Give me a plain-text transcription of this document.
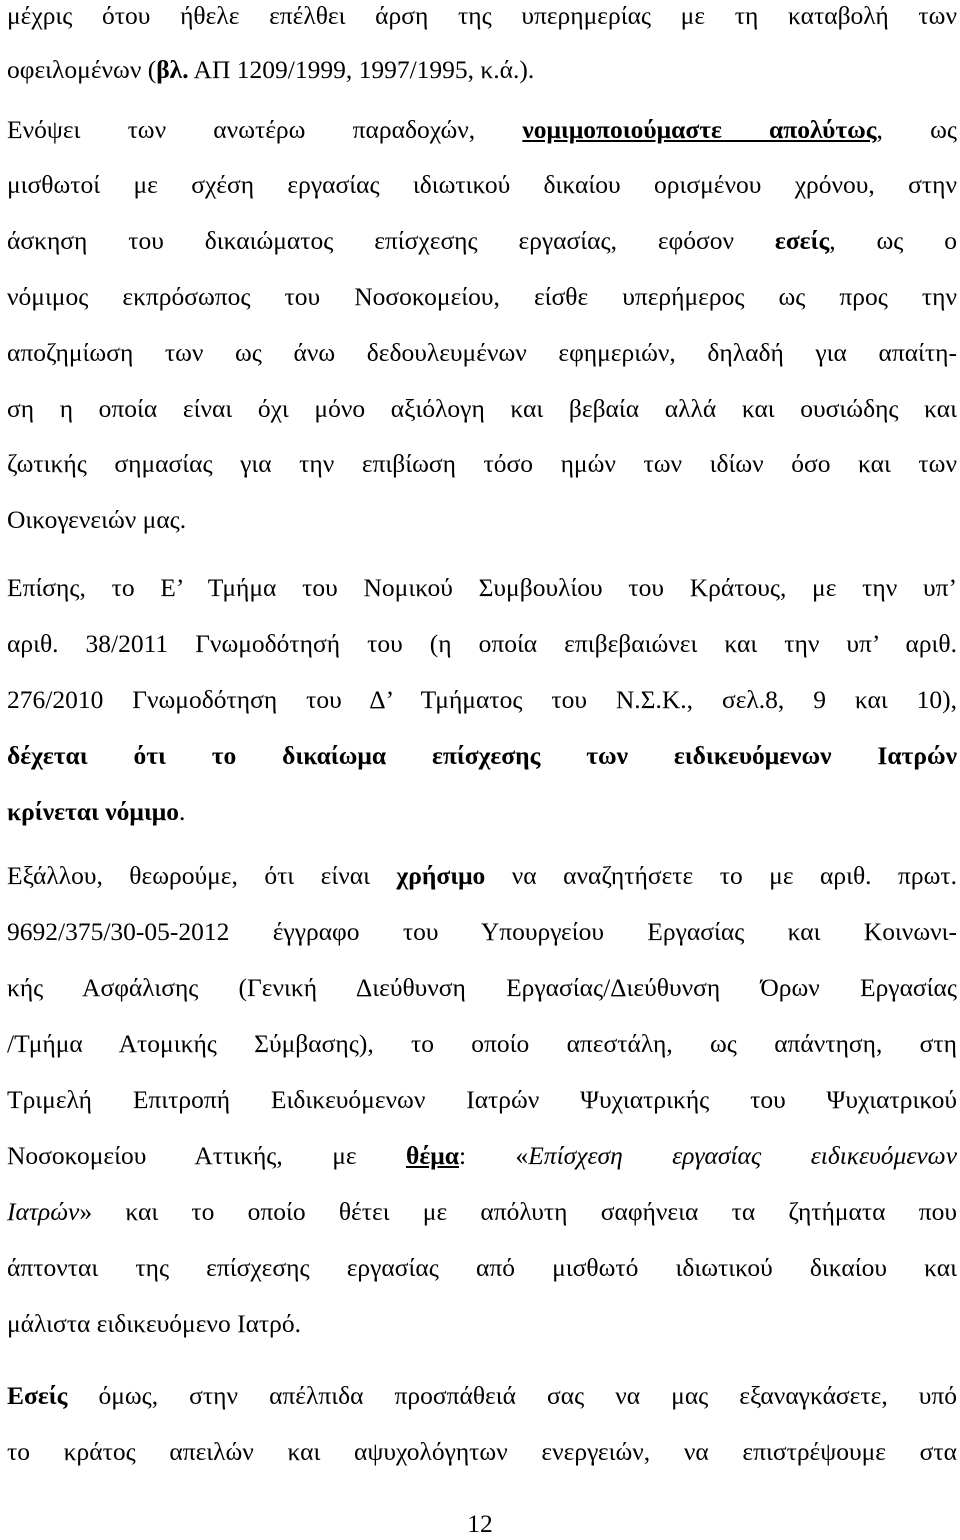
μέχρις ότου ήθελε επέλθει άρση της υπερημερίας με τη καταβολή των
οφειλομένων (βλ. ΑΠ 1209/1999, 1997/1995, κ.ά.).
Ενόψει των ανωτέρω παραδοχών, νομιμοποιούμαστε απολύτως, ως
μισθωτοί με σχέση εργασίας ιδιωτικού δικαίου ορισμένου χρόνου, στην
άσκηση του δικαιώματος επίσχεσης εργασίας, εφόσον εσείς, ως ο
νόμιμος εκπρόσωπος του Νοσοκομείου, είσθε υπερήμερος ως προς την
αποζημίωση των ως άνω δεδουλευμένων εφημεριών, δηλαδή για απαίτη-
ση η οποία είναι όχι μόνο αξιόλογη και βεβαία αλλά και ουσιώδης και
ζωτικής σημασίας για την επιβίωση τόσο ημών των ιδίων όσο και των
Οικογενειών μας.
Επίσης, το Ε’ Τμήμα του Νομικού Συμβουλίου του Κράτους, με την υπ’
αριθ. 38/2011 Γνωμοδότησή του (η οποία επιβεβαιώνει και την υπ’ αριθ.
276/2010 Γνωμοδότηση του Δ’ Τμήματος του Ν.Σ.Κ., σελ.8, 9 και 10),
δέχεται ότι το δικαίωμα επίσχεσης των ειδικευόμενων Ιατρών
κρίνεται νόμιμο.
Εξάλλου, θεωρούμε, ότι είναι χρήσιμο να αναζητήσετε το με αριθ. πρωτ.
9692/375/30-05-2012 έγγραφο του Υπουργείου Εργασίας και Κοινωνι-
κής Ασφάλισης (Γενική Διεύθυνση Εργασίας/Διεύθυνση Όρων Εργασίας
/Τμήμα Ατομικής Σύμβασης), το οποίο απεστάλη, ως απάντηση, στη
Τριμελή Επιτροπή Ειδικευόμενων Ιατρών Ψυχιατρικής του Ψυχιατρικού
Νοσοκομείου Αττικής, με θέμα: «Επίσχεση εργασίας ειδικευόμενων
Ιατρών» και το οποίο θέτει με απόλυτη σαφήνεια τα ζητήματα που
άπτονται της επίσχεσης εργασίας από μισθωτό ιδιωτικού δικαίου και
μάλιστα ειδικευόμενο Ιατρό.
Εσείς όμως, στην απέλπιδα προσπάθειά σας να μας εξαναγκάσετε, υπό
το κράτος απειλών και αψυχολόγητων ενεργειών, να επιστρέψουμε στα
12
